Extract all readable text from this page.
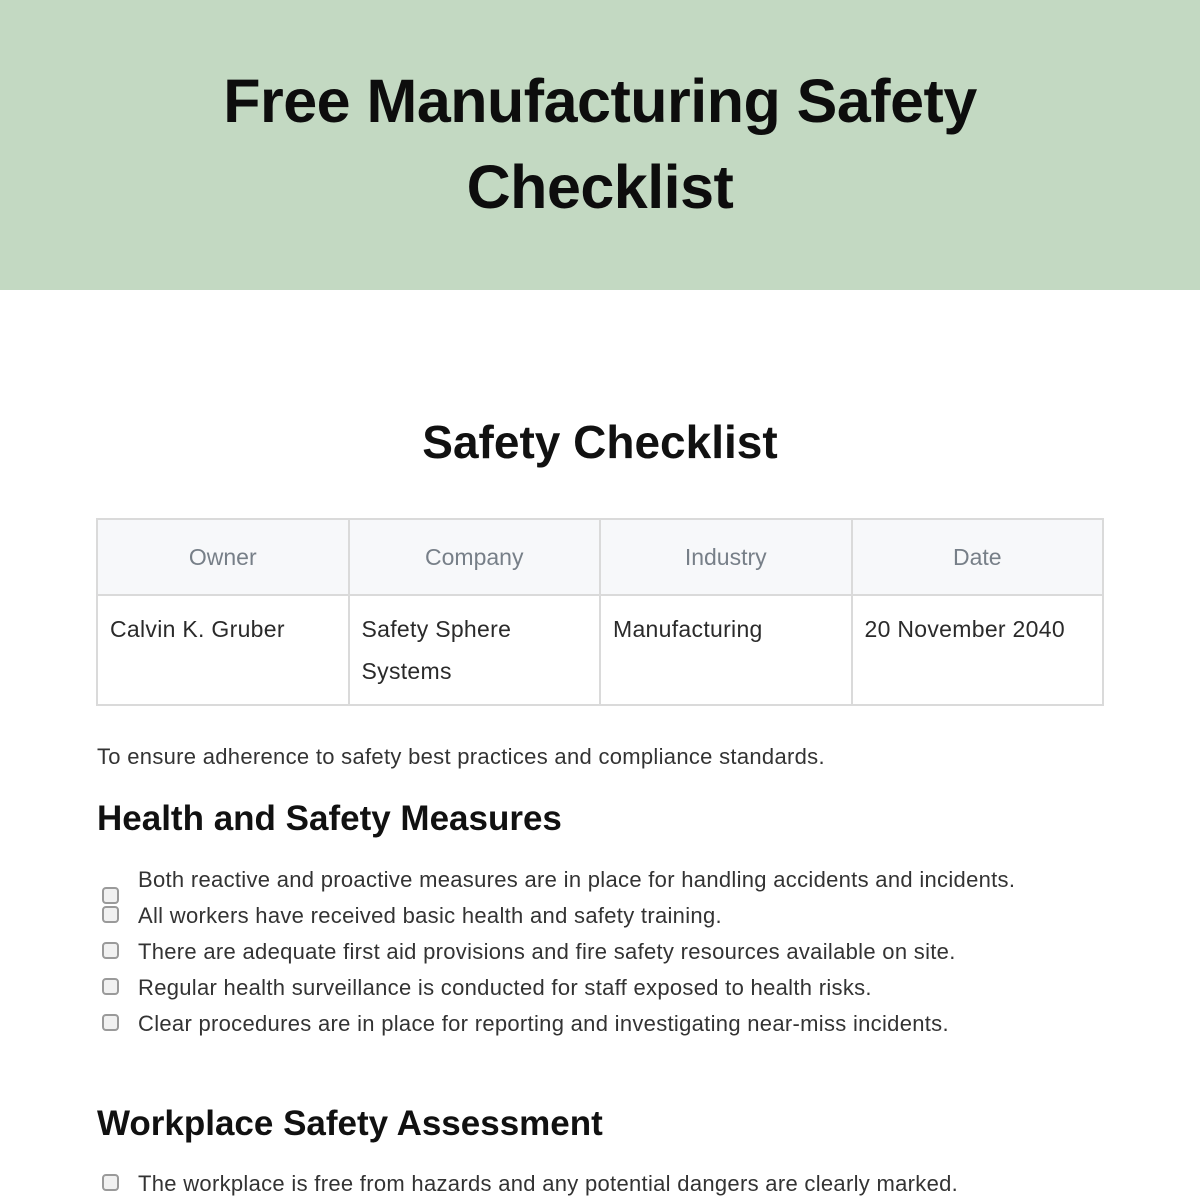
Free Manufacturing Safety Checklist
Safety Checklist
Owner	Company	Industry	Date
Calvin K. Gruber	Safety Sphere Systems	Manufacturing	20 November 2040

To ensure adherence to safety best practices and compliance standards.

Health and Safety Measures
Both reactive and proactive measures are in place for handling accidents and incidents.
All workers have received basic health and safety training.
There are adequate first aid provisions and fire safety resources available on site.
Regular health surveillance is conducted for staff exposed to health risks.
Clear procedures are in place for reporting and investigating near-miss incidents.
Workplace Safety Assessment
The workplace is free from hazards and any potential dangers are clearly marked.
